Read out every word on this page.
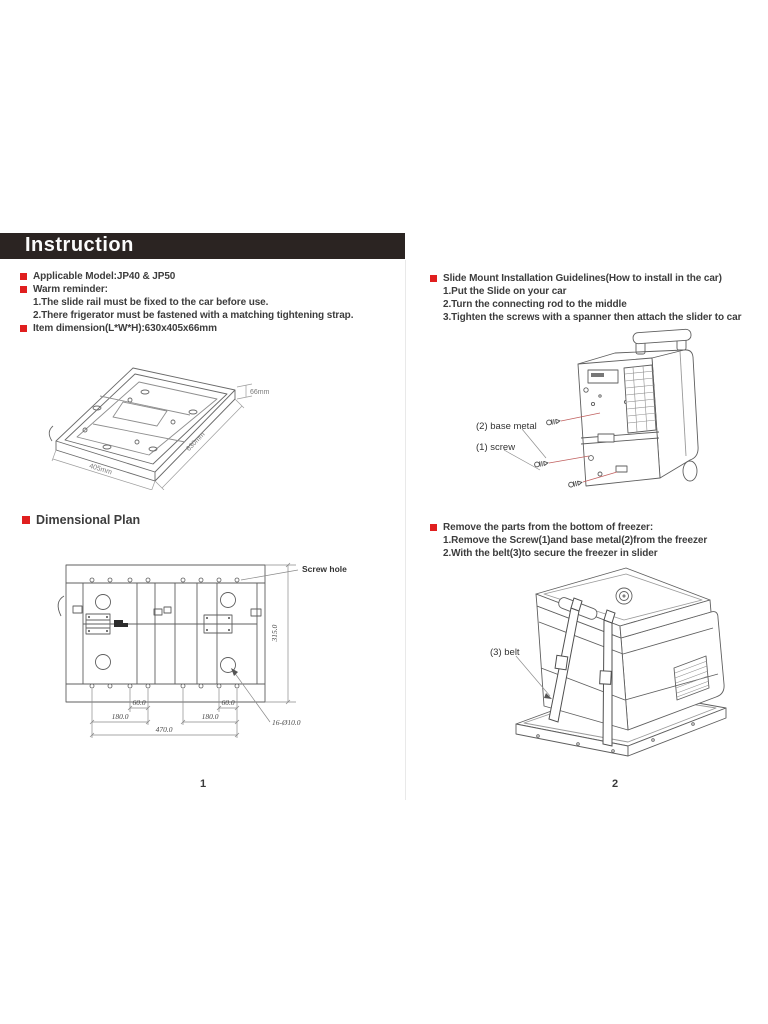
Instruction
Applicable Model:JP40 & JP50
Warm reminder:
1.The slide rail must be fixed to the car before use.
2.There frigerator must be fastened with a matching tightening strap.
Item dimension(L*W*H):630x405x66mm
66mm
630mm
405mm
Dimensional Plan
60.0	60.0
180.0	180.0
470.0
315.0
16-Ø10.0
Screw hole
Slide Mount Installation Guidelines(How to install in the car)
1.Put the Slide on your car
2.Turn the connecting rod to the middle
3.Tighten the screws with a spanner then attach the slider to car
(2) base metal
(1) screw
Remove the parts from the bottom of freezer:
1.Remove the Screw(1)and base metal(2)from the freezer
2.With the belt(3)to secure the freezer in slider
(3) belt
1	2
